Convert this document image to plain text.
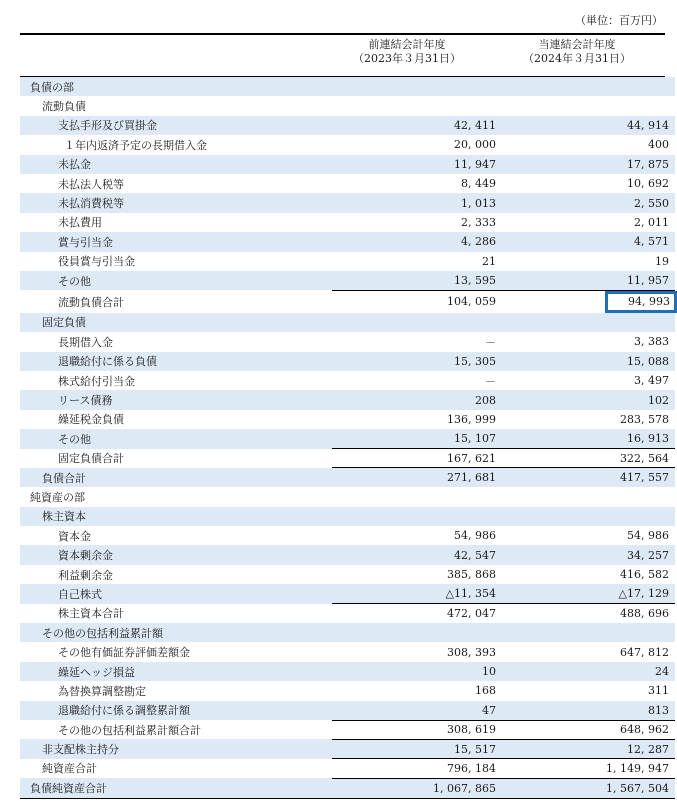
（単位：百万円）
前連結会計年度
（2023年３月31日）
当連結会計年度
（2024年３月31日）
負債の部		
流動負債		
支払手形及び買掛金	42, 411	44, 914
１年内返済予定の長期借入金	20, 000	400
未払金	11, 947	17, 875
未払法人税等	8, 449	10, 692
未払消費税等	1, 013	2, 550
未払費用	2, 333	2, 011
賞与引当金	4, 286	4, 571
役員賞与引当金	21	19
その他	13, 595	11, 957
流動負債合計	104, 059	94, 993
固定負債		
長期借入金	－	3, 383
退職給付に係る負債	15, 305	15, 088
株式給付引当金	－	3, 497
リース債務	208	102
繰延税金負債	136, 999	283, 578
その他	15, 107	16, 913
固定負債合計	167, 621	322, 564
負債合計	271, 681	417, 557
純資産の部		
株主資本		
資本金	54, 986	54, 986
資本剰余金	42, 547	34, 257
利益剰余金	385, 868	416, 582
自己株式	△11, 354	△17, 129
株主資本合計	472, 047	488, 696
その他の包括利益累計額		
その他有価証券評価差額金	308, 393	647, 812
繰延ヘッジ損益	10	24
為替換算調整勘定	168	311
退職給付に係る調整累計額	47	813
その他の包括利益累計額合計	308, 619	648, 962
非支配株主持分	15, 517	12, 287
純資産合計	796, 184	1, 149, 947
負債純資産合計	1, 067, 865	1, 567, 504
